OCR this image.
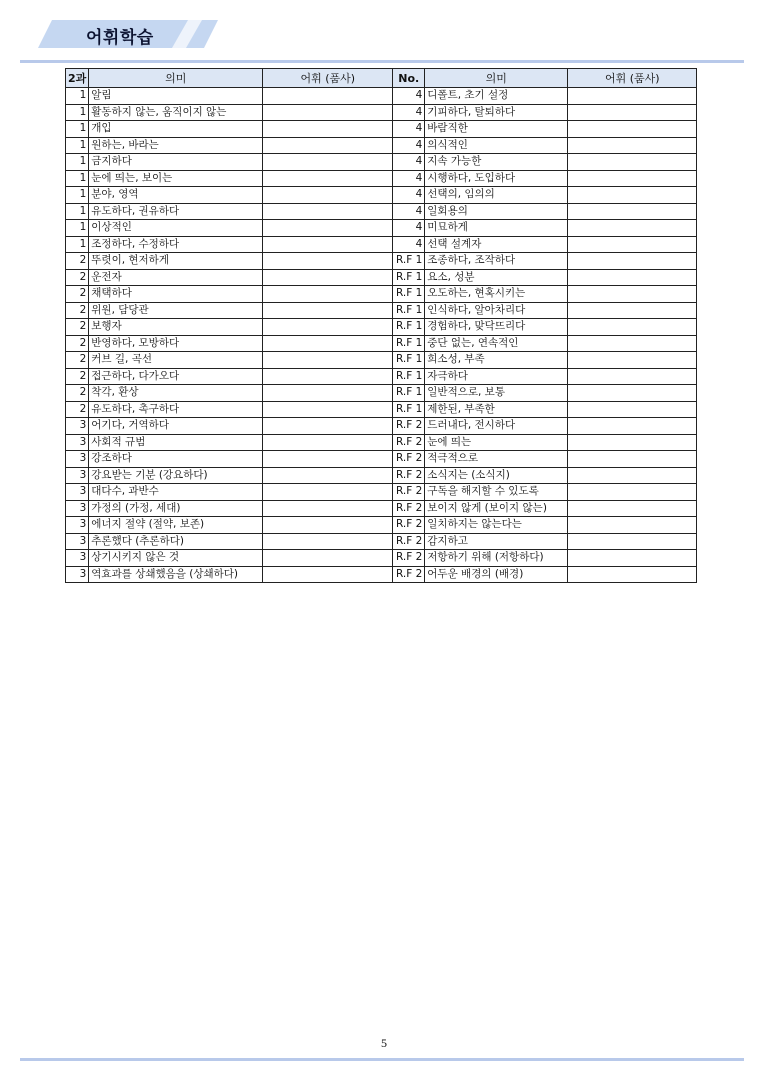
어휘학습
2과	의미	어휘 (품사)	No.	의미	어휘 (품사)
1	알림		4	디폴트, 초기 설정	
1	활동하지 않는, 움직이지 않는		4	기피하다, 탈퇴하다	
1	개입		4	바람직한	
1	원하는, 바라는		4	의식적인	
1	금지하다		4	지속 가능한	
1	눈에 띄는, 보이는		4	시행하다, 도입하다	
1	분야, 영역		4	선택의, 임의의	
1	유도하다, 권유하다		4	일회용의	
1	이상적인		4	미묘하게	
1	조정하다, 수정하다		4	선택 설계자	
2	뚜렷이, 현저하게		R.F 1	조종하다, 조작하다	
2	운전자		R.F 1	요소, 성분	
2	채택하다		R.F 1	오도하는, 현혹시키는	
2	위원, 담당관		R.F 1	인식하다, 알아차리다	
2	보행자		R.F 1	경험하다, 맞닥뜨리다	
2	반영하다, 모방하다		R.F 1	중단 없는, 연속적인	
2	커브 길, 곡선		R.F 1	희소성, 부족	
2	접근하다, 다가오다		R.F 1	자극하다	
2	착각, 환상		R.F 1	일반적으로, 보통	
2	유도하다, 촉구하다		R.F 1	제한된, 부족한	
3	어기다, 거역하다		R.F 2	드러내다, 전시하다	
3	사회적 규범		R.F 2	눈에 띄는	
3	강조하다		R.F 2	적극적으로	
3	강요받는 기분 (강요하다)		R.F 2	소식지는 (소식지)	
3	대다수, 과반수		R.F 2	구독을 해지할 수 있도록	
3	가정의 (가정, 세대)		R.F 2	보이지 않게 (보이지 않는)	
3	에너지 절약 (절약, 보존)		R.F 2	일치하지는 않는다는	
3	추론했다 (추론하다)		R.F 2	감지하고	
3	상기시키지 않은 것		R.F 2	저항하기 위해 (저항하다)	
3	역효과를 상쇄했음을 (상쇄하다)		R.F 2	어두운 배경의 (배경)	
5
